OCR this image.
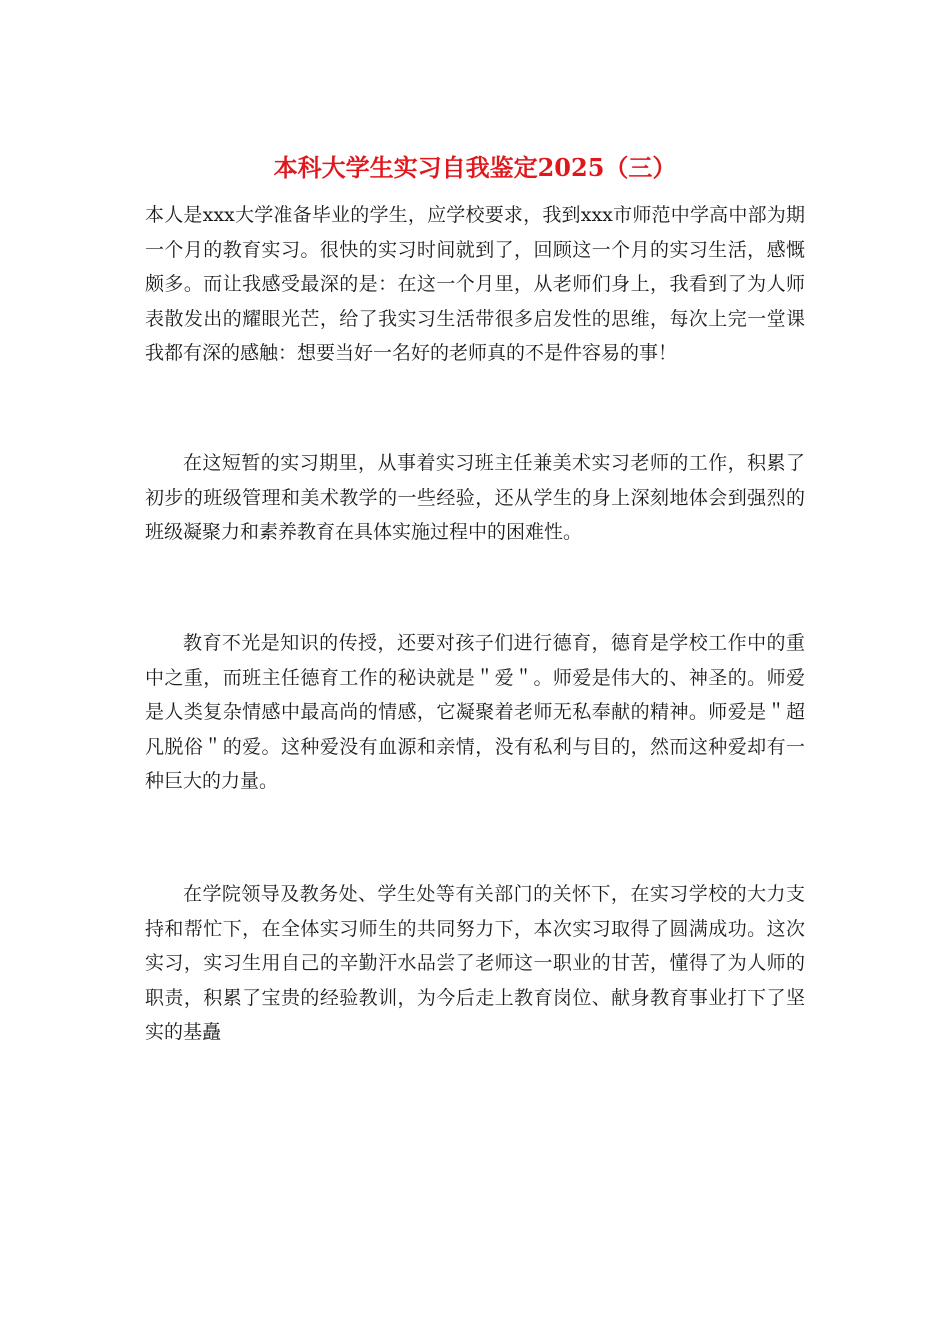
本科大学生实习自我鉴定2025（三）

本人是xxx大学准备毕业的学生，应学校要求，我到xxx市师范中学高中部为期一个月的教育实习。很快的实习时间就到了，回顾这一个月的实习生活，感慨颇多。而让我感受最深的是：在这一个月里，从老师们身上，我看到了为人师表散发出的耀眼光芒，给了我实习生活带很多启发性的思维，每次上完一堂课我都有深的感触：想要当好一名好的老师真的不是件容易的事！

在这短暂的实习期里，从事着实习班主任兼美术实习老师的工作，积累了初步的班级管理和美术教学的一些经验，还从学生的身上深刻地体会到强烈的班级凝聚力和素养教育在具体实施过程中的困难性。

教育不光是知识的传授，还要对孩子们进行德育，德育是学校工作中的重中之重，而班主任德育工作的秘诀就是＂爱＂。师爱是伟大的、神圣的。师爱是人类复杂情感中最高尚的情感，它凝聚着老师无私奉献的精神。师爱是＂超凡脱俗＂的爱。这种爱没有血源和亲情，没有私利与目的，然而这种爱却有一种巨大的力量。

在学院领导及教务处、学生处等有关部门的关怀下，在实习学校的大力支持和帮忙下，在全体实习师生的共同努力下，本次实习取得了圆满成功。这次实习，实习生用自己的辛勤汗水品尝了老师这一职业的甘苦，懂得了为人师的职责，积累了宝贵的经验教训，为今后走上教育岗位、献身教育事业打下了坚实的基矗
